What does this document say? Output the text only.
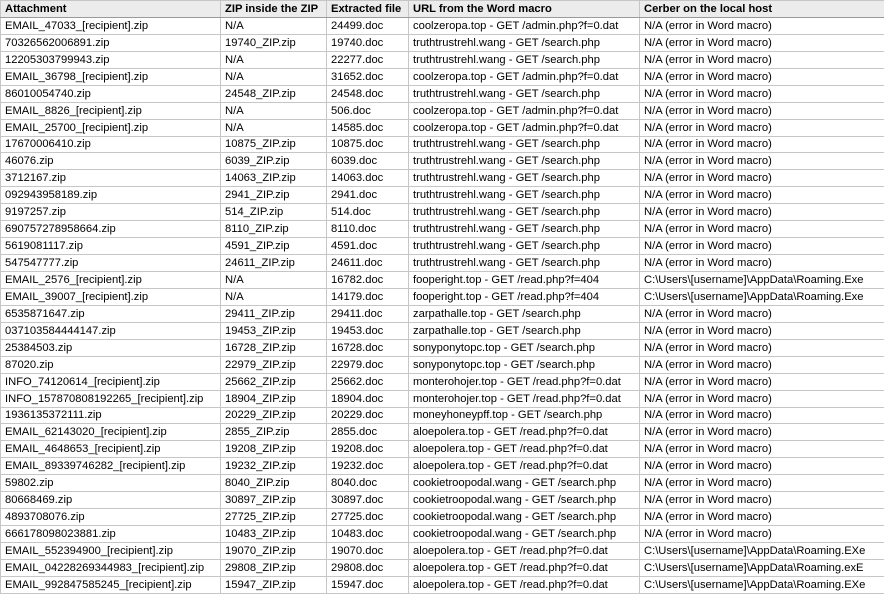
Attachment	ZIP inside the ZIP	Extracted file	URL from the Word macro	Cerber on the local host
EMAIL_47033_[recipient].zip	N/A	24499.doc	coolzeropa.top - GET /admin.php?f=0.dat	N/A (error in Word macro)
70326562006891.zip	19740_ZIP.zip	19740.doc	truthtrustrehl.wang - GET /search.php	N/A (error in Word macro)
12205303799943.zip	N/A	22277.doc	truthtrustrehl.wang - GET /search.php	N/A (error in Word macro)
EMAIL_36798_[recipient].zip	N/A	31652.doc	coolzeropa.top - GET /admin.php?f=0.dat	N/A (error in Word macro)
86010054740.zip	24548_ZIP.zip	24548.doc	truthtrustrehl.wang - GET /search.php	N/A (error in Word macro)
EMAIL_8826_[recipient].zip	N/A	506.doc	coolzeropa.top - GET /admin.php?f=0.dat	N/A (error in Word macro)
EMAIL_25700_[recipient].zip	N/A	14585.doc	coolzeropa.top - GET /admin.php?f=0.dat	N/A (error in Word macro)
17670006410.zip	10875_ZIP.zip	10875.doc	truthtrustrehl.wang - GET /search.php	N/A (error in Word macro)
46076.zip	6039_ZIP.zip	6039.doc	truthtrustrehl.wang - GET /search.php	N/A (error in Word macro)
3712167.zip	14063_ZIP.zip	14063.doc	truthtrustrehl.wang - GET /search.php	N/A (error in Word macro)
092943958189.zip	2941_ZIP.zip	2941.doc	truthtrustrehl.wang - GET /search.php	N/A (error in Word macro)
9197257.zip	514_ZIP.zip	514.doc	truthtrustrehl.wang - GET /search.php	N/A (error in Word macro)
690757278958664.zip	8110_ZIP.zip	8110.doc	truthtrustrehl.wang - GET /search.php	N/A (error in Word macro)
5619081117.zip	4591_ZIP.zip	4591.doc	truthtrustrehl.wang - GET /search.php	N/A (error in Word macro)
547547777.zip	24611_ZIP.zip	24611.doc	truthtrustrehl.wang - GET /search.php	N/A (error in Word macro)
EMAIL_2576_[recipient].zip	N/A	16782.doc	fooperight.top - GET /read.php?f=404	C:\Users\[username]\AppData\Roaming.Exe
EMAIL_39007_[recipient].zip	N/A	14179.doc	fooperight.top - GET /read.php?f=404	C:\Users\[username]\AppData\Roaming.Exe
6535871647.zip	29411_ZIP.zip	29411.doc	zarpathalle.top - GET /search.php	N/A (error in Word macro)
037103584444147.zip	19453_ZIP.zip	19453.doc	zarpathalle.top - GET /search.php	N/A (error in Word macro)
25384503.zip	16728_ZIP.zip	16728.doc	sonyponytopc.top - GET /search.php	N/A (error in Word macro)
87020.zip	22979_ZIP.zip	22979.doc	sonyponytopc.top - GET /search.php	N/A (error in Word macro)
INFO_74120614_[recipient].zip	25662_ZIP.zip	25662.doc	monterohojer.top - GET /read.php?f=0.dat	N/A (error in Word macro)
INFO_157870808192265_[recipient].zip	18904_ZIP.zip	18904.doc	monterohojer.top - GET /read.php?f=0.dat	N/A (error in Word macro)
1936135372111.zip	20229_ZIP.zip	20229.doc	moneyhoneypff.top - GET /search.php	N/A (error in Word macro)
EMAIL_62143020_[recipient].zip	2855_ZIP.zip	2855.doc	aloepolera.top - GET /read.php?f=0.dat	N/A (error in Word macro)
EMAIL_4648653_[recipient].zip	19208_ZIP.zip	19208.doc	aloepolera.top - GET /read.php?f=0.dat	N/A (error in Word macro)
EMAIL_89339746282_[recipient].zip	19232_ZIP.zip	19232.doc	aloepolera.top - GET /read.php?f=0.dat	N/A (error in Word macro)
59802.zip	8040_ZIP.zip	8040.doc	cookietroopodal.wang - GET /search.php	N/A (error in Word macro)
80668469.zip	30897_ZIP.zip	30897.doc	cookietroopodal.wang - GET /search.php	N/A (error in Word macro)
4893708076.zip	27725_ZIP.zip	27725.doc	cookietroopodal.wang - GET /search.php	N/A (error in Word macro)
666178098023881.zip	10483_ZIP.zip	10483.doc	cookietroopodal.wang - GET /search.php	N/A (error in Word macro)
EMAIL_552394900_[recipient].zip	19070_ZIP.zip	19070.doc	aloepolera.top - GET /read.php?f=0.dat	C:\Users\[username]\AppData\Roaming.EXe
EMAIL_04228269344983_[recipient].zip	29808_ZIP.zip	29808.doc	aloepolera.top - GET /read.php?f=0.dat	C:\Users\[username]\AppData\Roaming.exE
EMAIL_992847585245_[recipient].zip	15947_ZIP.zip	15947.doc	aloepolera.top - GET /read.php?f=0.dat	C:\Users\[username]\AppData\Roaming.EXe
